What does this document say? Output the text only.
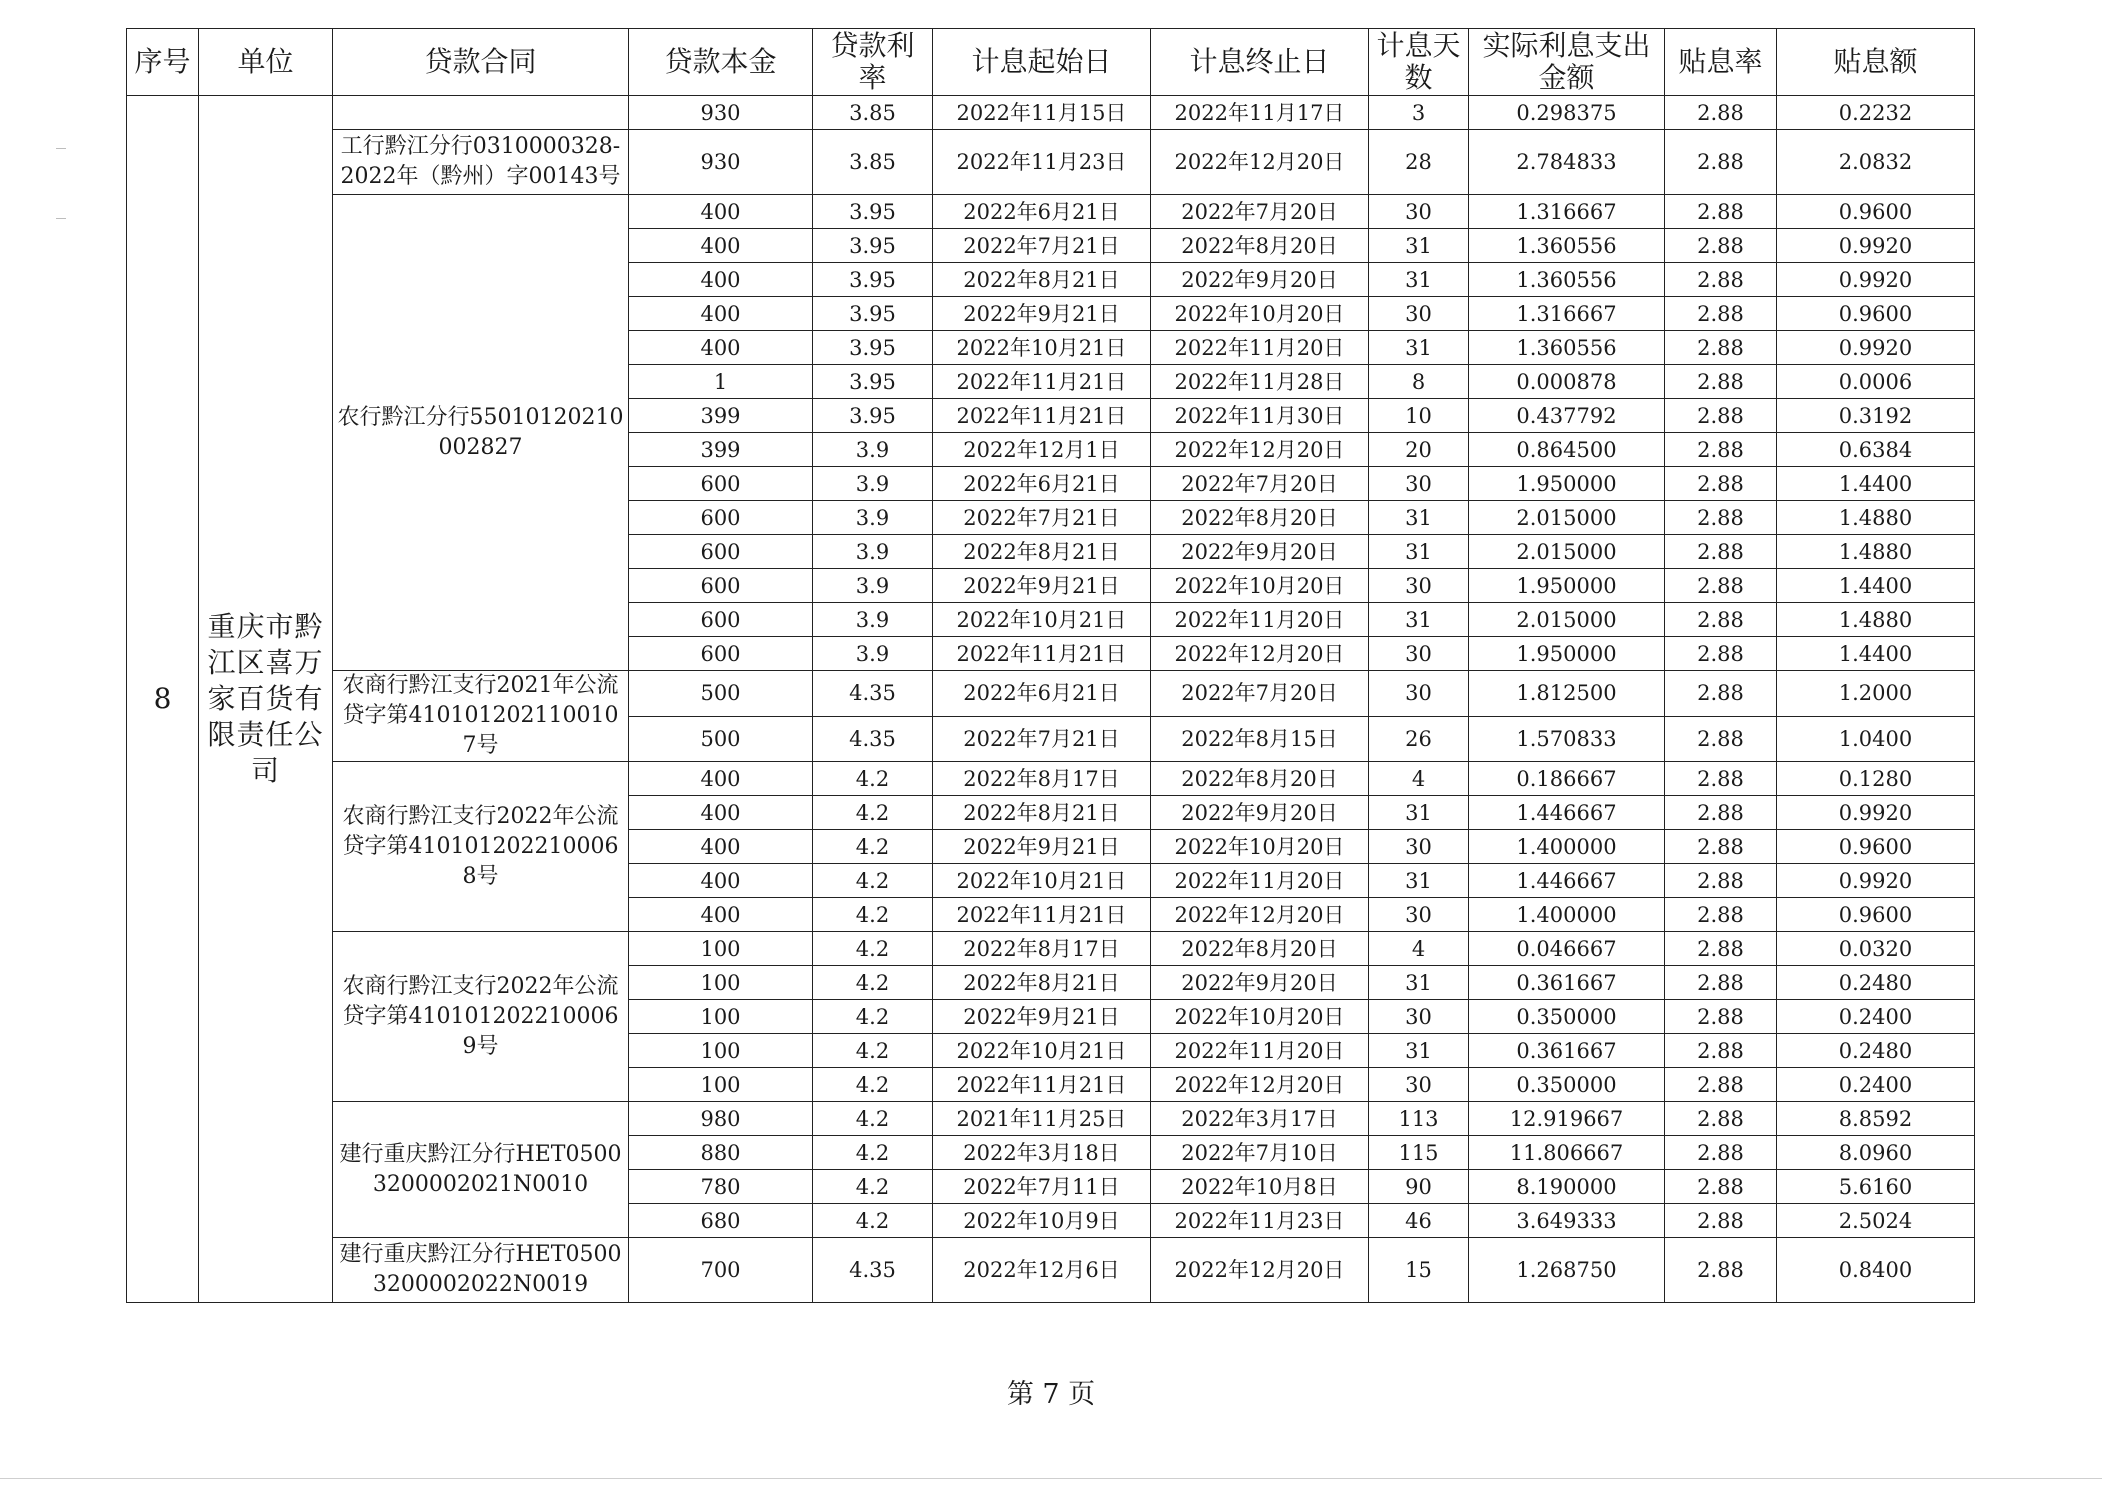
序号	单位	贷款合同	贷款本金	贷款利率	计息起始日	计息终止日	计息天数	实际利息支出金额	贴息率	贴息额
8	重庆市黔江区喜万家百货有限责任公司		930	3.85	2022年11月15日	2022年11月17日	3	0.298375	2.88	0.2232
		工行黔江分行0310000328-2022年（黔州）字00143号	930	3.85	2022年11月23日	2022年12月20日	28	2.784833	2.88	2.0832
		农行黔江分行55010120210002827	400	3.95	2022年6月21日	2022年7月20日	30	1.316667	2.88	0.9600
			400	3.95	2022年7月21日	2022年8月20日	31	1.360556	2.88	0.9920
			400	3.95	2022年8月21日	2022年9月20日	31	1.360556	2.88	0.9920
			400	3.95	2022年9月21日	2022年10月20日	30	1.316667	2.88	0.9600
			400	3.95	2022年10月21日	2022年11月20日	31	1.360556	2.88	0.9920
			1	3.95	2022年11月21日	2022年11月28日	8	0.000878	2.88	0.0006
			399	3.95	2022年11月21日	2022年11月30日	10	0.437792	2.88	0.3192
			399	3.9	2022年12月1日	2022年12月20日	20	0.864500	2.88	0.6384
			600	3.9	2022年6月21日	2022年7月20日	30	1.950000	2.88	1.4400
			600	3.9	2022年7月21日	2022年8月20日	31	2.015000	2.88	1.4880
			600	3.9	2022年8月21日	2022年9月20日	31	2.015000	2.88	1.4880
			600	3.9	2022年9月21日	2022年10月20日	30	1.950000	2.88	1.4400
			600	3.9	2022年10月21日	2022年11月20日	31	2.015000	2.88	1.4880
			600	3.9	2022年11月21日	2022年12月20日	30	1.950000	2.88	1.4400
		农商行黔江支行2021年公流贷字第4101012021100107号	500	4.35	2022年6月21日	2022年7月20日	30	1.812500	2.88	1.2000
			500	4.35	2022年7月21日	2022年8月15日	26	1.570833	2.88	1.0400
		农商行黔江支行2022年公流贷字第4101012022100068号	400	4.2	2022年8月17日	2022年8月20日	4	0.186667	2.88	0.1280
			400	4.2	2022年8月21日	2022年9月20日	31	1.446667	2.88	0.9920
			400	4.2	2022年9月21日	2022年10月20日	30	1.400000	2.88	0.9600
			400	4.2	2022年10月21日	2022年11月20日	31	1.446667	2.88	0.9920
			400	4.2	2022年11月21日	2022年12月20日	30	1.400000	2.88	0.9600
		农商行黔江支行2022年公流贷字第4101012022100069号	100	4.2	2022年8月17日	2022年8月20日	4	0.046667	2.88	0.0320
			100	4.2	2022年8月21日	2022年9月20日	31	0.361667	2.88	0.2480
			100	4.2	2022年9月21日	2022年10月20日	30	0.350000	2.88	0.2400
			100	4.2	2022年10月21日	2022年11月20日	31	0.361667	2.88	0.2480
			100	4.2	2022年11月21日	2022年12月20日	30	0.350000	2.88	0.2400
		建行重庆黔江分行HET05003200002021N0010	980	4.2	2021年11月25日	2022年3月17日	113	12.919667	2.88	8.8592
			880	4.2	2022年3月18日	2022年7月10日	115	11.806667	2.88	8.0960
			780	4.2	2022年7月11日	2022年10月8日	90	8.190000	2.88	5.6160
			680	4.2	2022年10月9日	2022年11月23日	46	3.649333	2.88	2.5024
		建行重庆黔江分行HET05003200002022N0019	700	4.35	2022年12月6日	2022年12月20日	15	1.268750	2.88	0.8400
第 7 页
